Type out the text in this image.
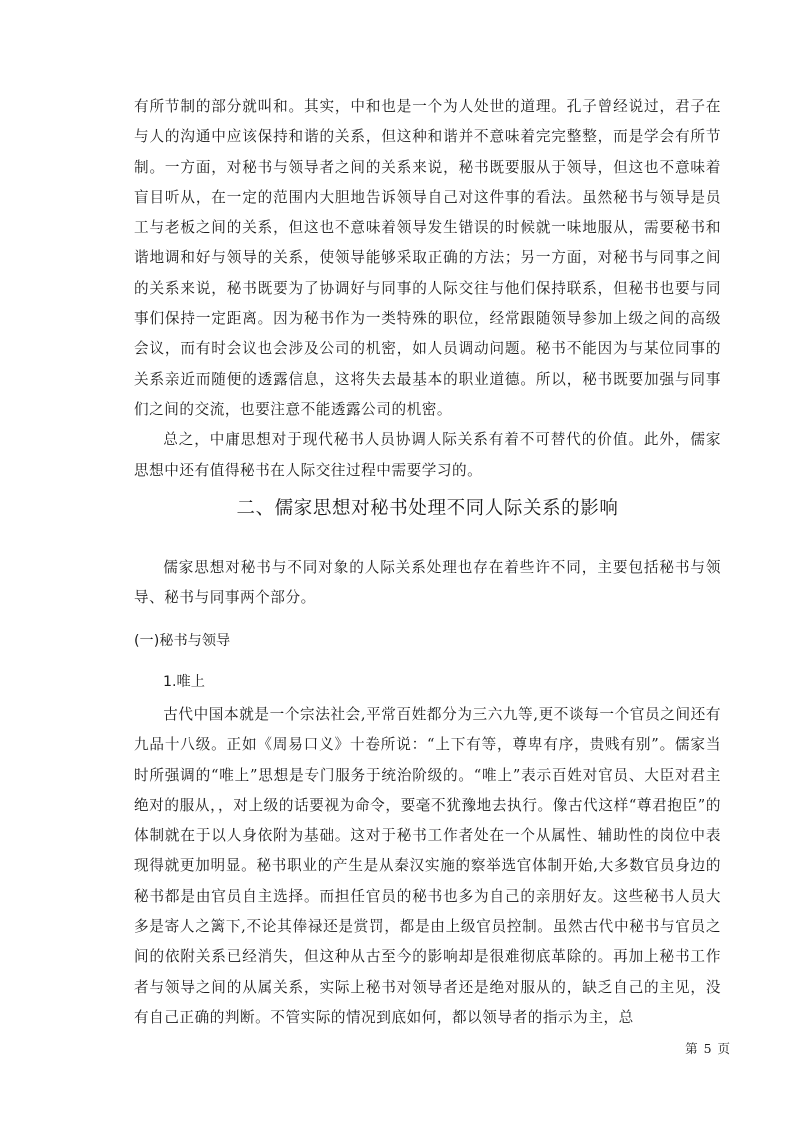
有所节制的部分就叫和。其实，中和也是一个为人处世的道理。孔子曾经说过，君子在与人的沟通中应该保持和谐的关系，但这种和谐并不意味着完完整整，而是学会有所节制。一方面，对秘书与领导者之间的关系来说，秘书既要服从于领导，但这也不意味着盲目听从，在一定的范围内大胆地告诉领导自己对这件事的看法。虽然秘书与领导是员工与老板之间的关系，但这也不意味着领导发生错误的时候就一味地服从，需要秘书和谐地调和好与领导的关系，使领导能够采取正确的方法；另一方面，对秘书与同事之间的关系来说，秘书既要为了协调好与同事的人际交往与他们保持联系，但秘书也要与同事们保持一定距离。因为秘书作为一类特殊的职位，经常跟随领导参加上级之间的高级会议，而有时会议也会涉及公司的机密，如人员调动问题。秘书不能因为与某位同事的关系亲近而随便的透露信息，这将失去最基本的职业道德。所以，秘书既要加强与同事们之间的交流，也要注意不能透露公司的机密。

总之，中庸思想对于现代秘书人员协调人际关系有着不可替代的价值。此外，儒家思想中还有值得秘书在人际交往过程中需要学习的。

二、儒家思想对秘书处理不同人际关系的影响

儒家思想对秘书与不同对象的人际关系处理也存在着些许不同，主要包括秘书与领导、秘书与同事两个部分。

(一)秘书与领导
1.唯上

古代中国本就是一个宗法社会,平常百姓都分为三六九等,更不谈每一个官员之间还有九品十八级。正如《周易口义》十卷所说：“上下有等，尊卑有序，贵贱有别”。儒家当时所强调的“唯上”思想是专门服务于统治阶级的。“唯上”表示百姓对官员、大臣对君主绝对的服从，，对上级的话要视为命令，要毫不犹豫地去执行。像古代这样“尊君抱臣”的体制就在于以人身依附为基础。这对于秘书工作者处在一个从属性、辅助性的岗位中表现得就更加明显。秘书职业的产生是从秦汉实施的察举选官体制开始,大多数官员身边的秘书都是由官员自主选择。而担任官员的秘书也多为自己的亲朋好友。这些秘书人员大多是寄人之篱下,不论其俸禄还是赏罚，都是由上级官员控制。虽然古代中秘书与官员之间的依附关系已经消失，但这种从古至今的影响却是很难彻底革除的。再加上秘书工作者与领导之间的从属关系，实际上秘书对领导者还是绝对服从的，缺乏自己的主见，没有自己正确的判断。不管实际的情况到底如何，都以领导者的指示为主，总

第 5 页
